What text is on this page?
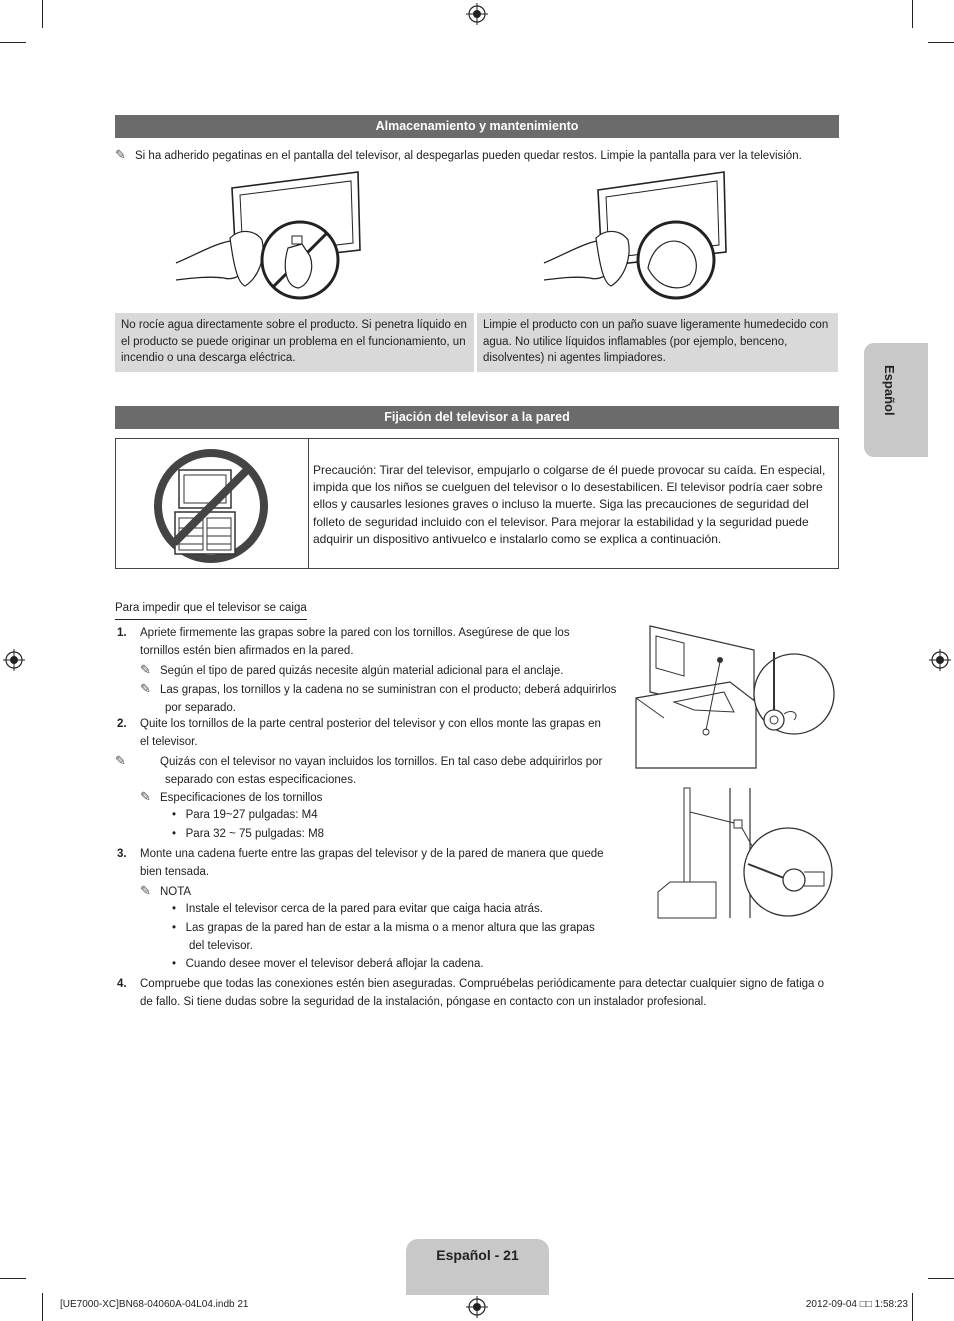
Almacenamiento y mantenimiento
✎ Si ha adherido pegatinas en el pantalla del televisor, al despegarlas pueden quedar restos. Limpie la pantalla para ver la televisión.
No rocíe agua directamente sobre el producto. Si penetra líquido en el producto se puede originar un problema en el funcionamiento, un incendio o una descarga eléctrica.
Limpie el producto con un paño suave ligeramente humedecido con agua. No utilice líquidos inflamables (por ejemplo, benceno, disolventes) ni agentes limpiadores.
Fijación del televisor a la pared
Precaución: Tirar del televisor, empujarlo o colgarse de él puede provocar su caída. En especial, impida que los niños se cuelguen del televisor o lo desestabilicen. El televisor podría caer sobre ellos y causarles lesiones graves o incluso la muerte. Siga las precauciones de seguridad del folleto de seguridad incluido con el televisor. Para mejorar la estabilidad y la seguridad puede adquirir un dispositivo antivuelco e instalarlo como se explica a continuación.
Para impedir que el televisor se caiga
1. Apriete firmemente las grapas sobre la pared con los tornillos. Asegúrese de que los tornillos estén bien afirmados en la pared.
✎ Según el tipo de pared quizás necesite algún material adicional para el anclaje.
✎ Las grapas, los tornillos y la cadena no se suministran con el producto; deberá adquirirlos por separado.
2. Quite los tornillos de la parte central posterior del televisor y con ellos monte las grapas en el televisor.
✎	Quizás con el televisor no vayan incluidos los tornillos. En tal caso debe adquirirlos por separado con estas especificaciones.
✎ Especificaciones de los tornillos
•   Para 19~27 pulgadas: M4
•   Para 32 ~ 75 pulgadas: M8
3. Monte una cadena fuerte entre las grapas del televisor y de la pared de manera que quede bien tensada.
✎ NOTA
•   Instale el televisor cerca de la pared para evitar que caiga hacia atrás.
•   Las grapas de la pared han de estar a la misma o a menor altura que las grapas del televisor.
•   Cuando desee mover el televisor deberá aflojar la cadena.
4. Compruebe que todas las conexiones estén bien aseguradas. Compruébelas periódicamente para detectar cualquier signo de fatiga o de fallo. Si tiene dudas sobre la seguridad de la instalación, póngase en contacto con un instalador profesional.
Español
Español - 21
[UE7000-XC]BN68-04060A-04L04.indb 21	2012-09-04 □□ 1:58:23
